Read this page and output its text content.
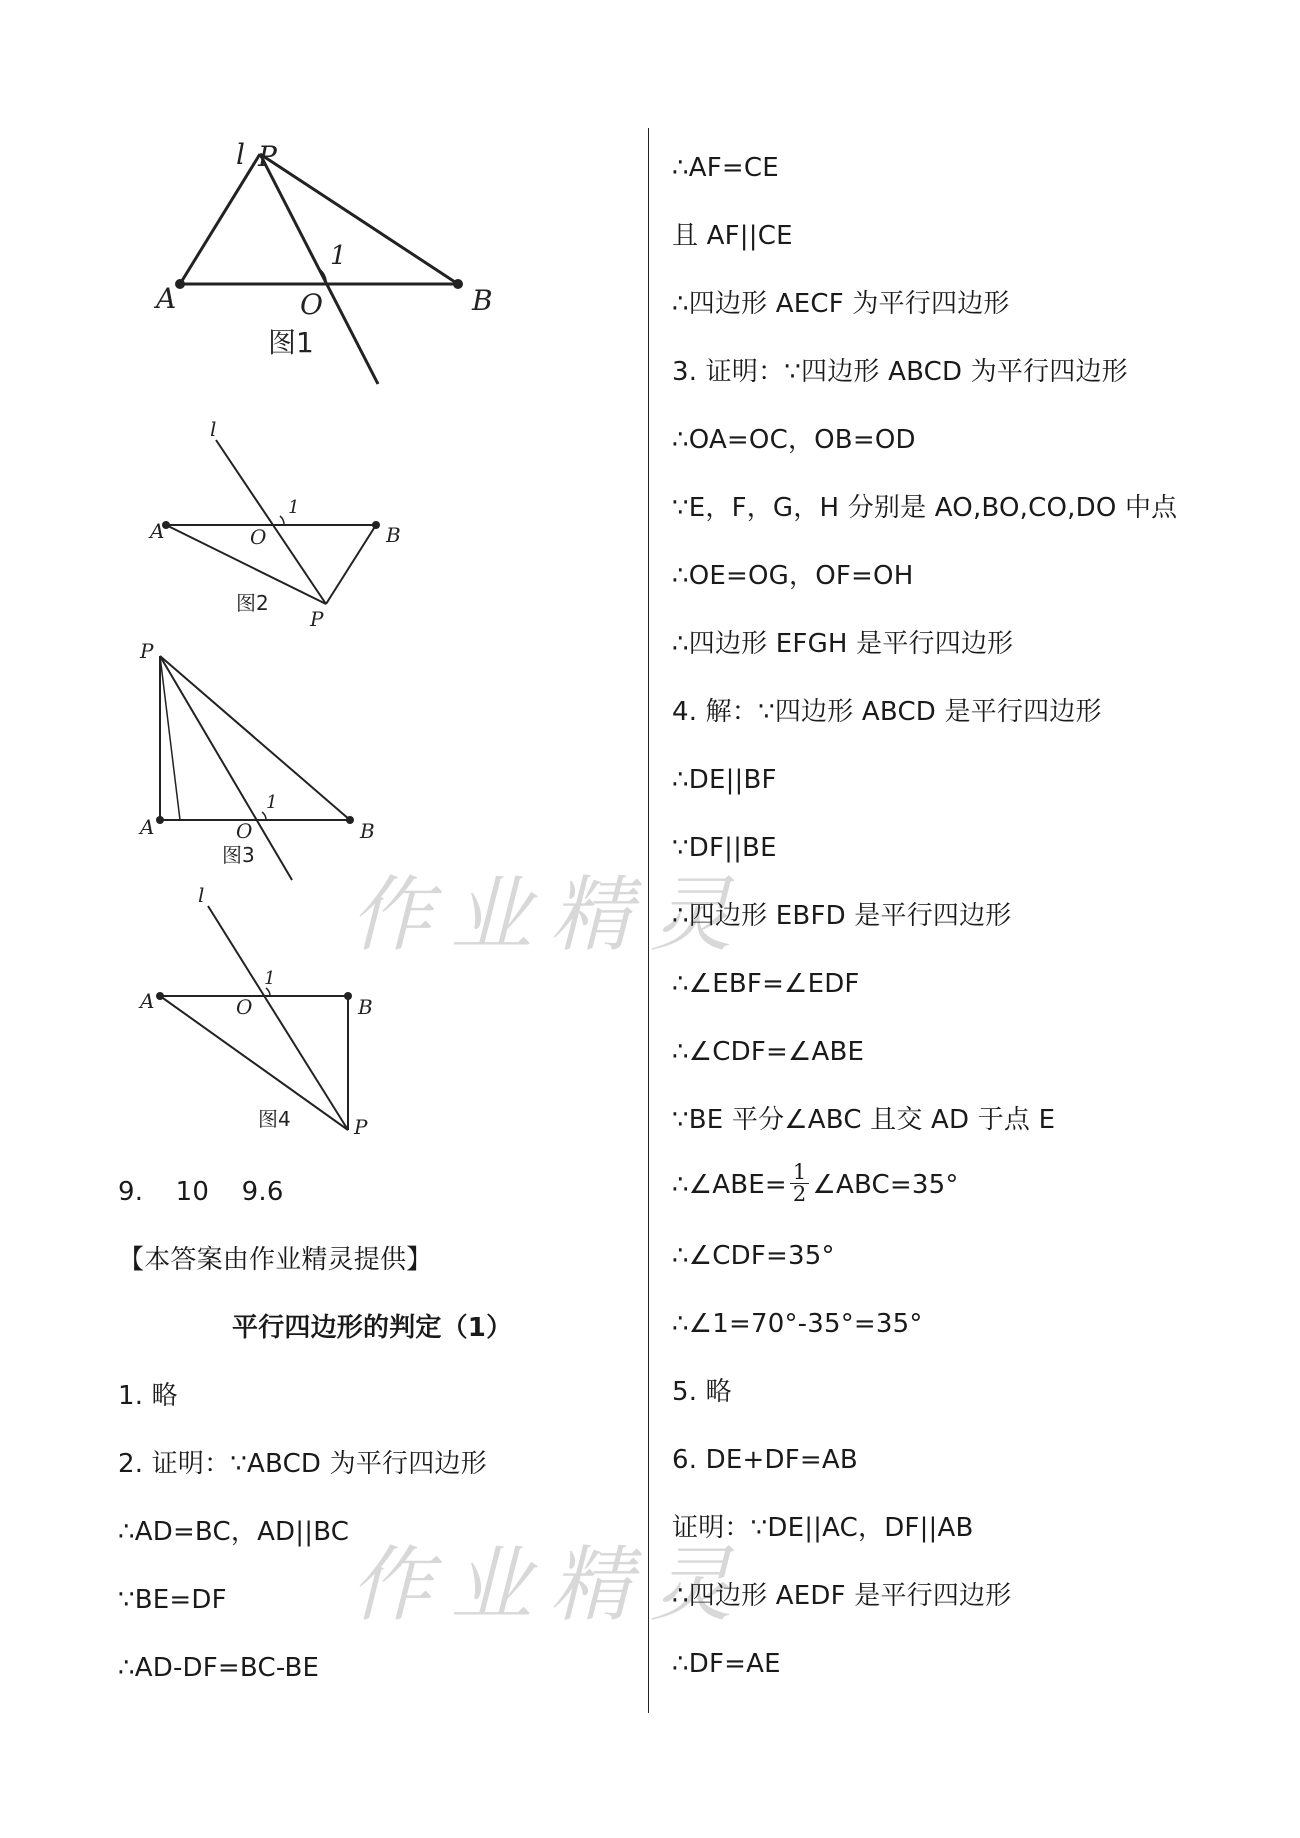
l P
A	O	B
1
图1
l
A	O	B
1
P
图2
P
A	O	B
1
图3
l
A	O	B
1
P
图4
作业精灵
作业精灵
9. 10 9.6
【本答案由作业精灵提供】
平行四边形的判定（1）
1. 略
2. 证明：∵ABCD 为平行四边形
∴AD=BC，AD||BC
∵BE=DF
∴AD-DF=BC-BE
∴AF=CE
且 AF||CE
∴四边形 AECF 为平行四边形
3. 证明：∵四边形 ABCD 为平行四边形
∴OA=OC，OB=OD
∵E，F，G，H 分别是 AO,BO,CO,DO 中点
∴OE=OG，OF=OH
∴四边形 EFGH 是平行四边形
4. 解：∵四边形 ABCD 是平行四边形
∴DE||BF
∵DF||BE
∴四边形 EBFD 是平行四边形
∴∠EBF=∠EDF
∴∠CDF=∠ABE
∵BE 平分∠ABC 且交 AD 于点 E
∴∠ABE= $\frac{1}{2}$ ∠ABC=35°
∴∠CDF=35°
∴∠1=70°-35°=35°
5. 略
6. DE+DF=AB
证明：∵DE||AC，DF||AB
∴四边形 AEDF 是平行四边形
∴DF=AE
